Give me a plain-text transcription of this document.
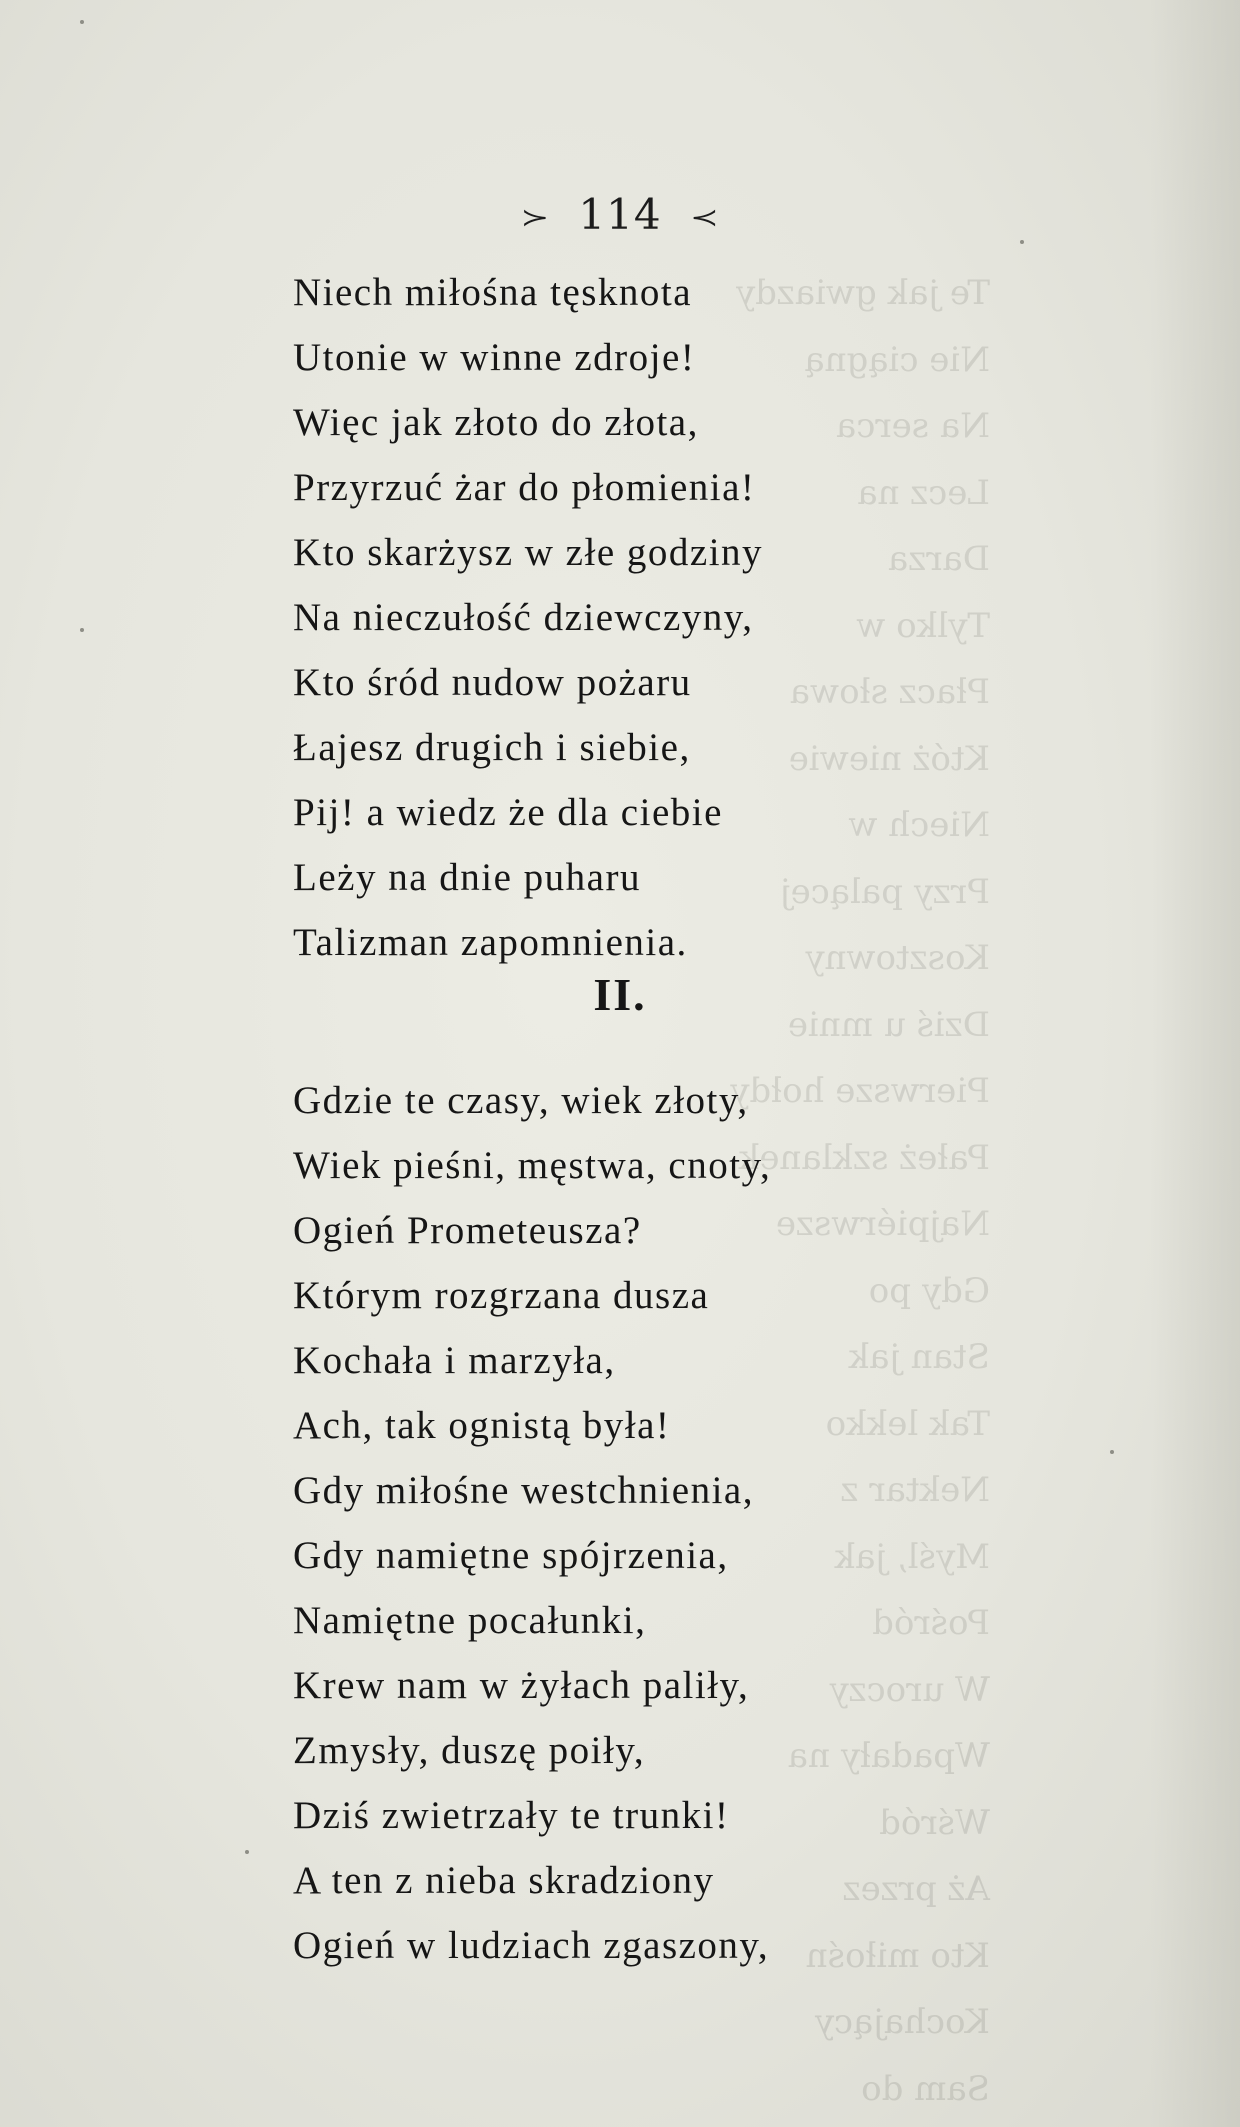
Te jak gwiazdy
Nie ciągną
Na serca
Lecz na
Darza
Tylko w
Płacz słowa
Któż niewie
Niech w
Przy palącej
Kosztowny
Dziś u mnie
Pierwsze hołdy
Pałeż szklanek
Najpiérwsze
Gdy po
Stan jak
Tak lekko
Nektar z
Myśl, jak
Pośród
W uroczy
Wpadały na
Wśród
Aż przez
Kto miłośn
Kochający
Sam do
≻ 114 ≺
Niech miłośna tęsknota
Utonie w winne zdroje!
Więc jak złoto do złota,
Przyrzuć żar do płomienia!
Kto skarżysz w złe godziny
Na nieczułość dziewczyny,
Kto śród nudow pożaru
Łajesz drugich i siebie,
Pij! a wiedz że dla ciebie
Leży na dnie puharu
Talizman zapomnienia.
II.
Gdzie te czasy, wiek złoty,
Wiek pieśni, męstwa, cnoty,
Ogień Prometeusza?
Którym rozgrzana dusza
Kochała i marzyła,
Ach, tak ognistą była!
Gdy miłośne westchnienia,
Gdy namiętne spójrzenia,
Namiętne pocałunki,
Krew nam w żyłach paliły,
Zmysły, duszę poiły,
Dziś zwietrzały te trunki!
A ten z nieba skradziony
Ogień w ludziach zgaszony,
